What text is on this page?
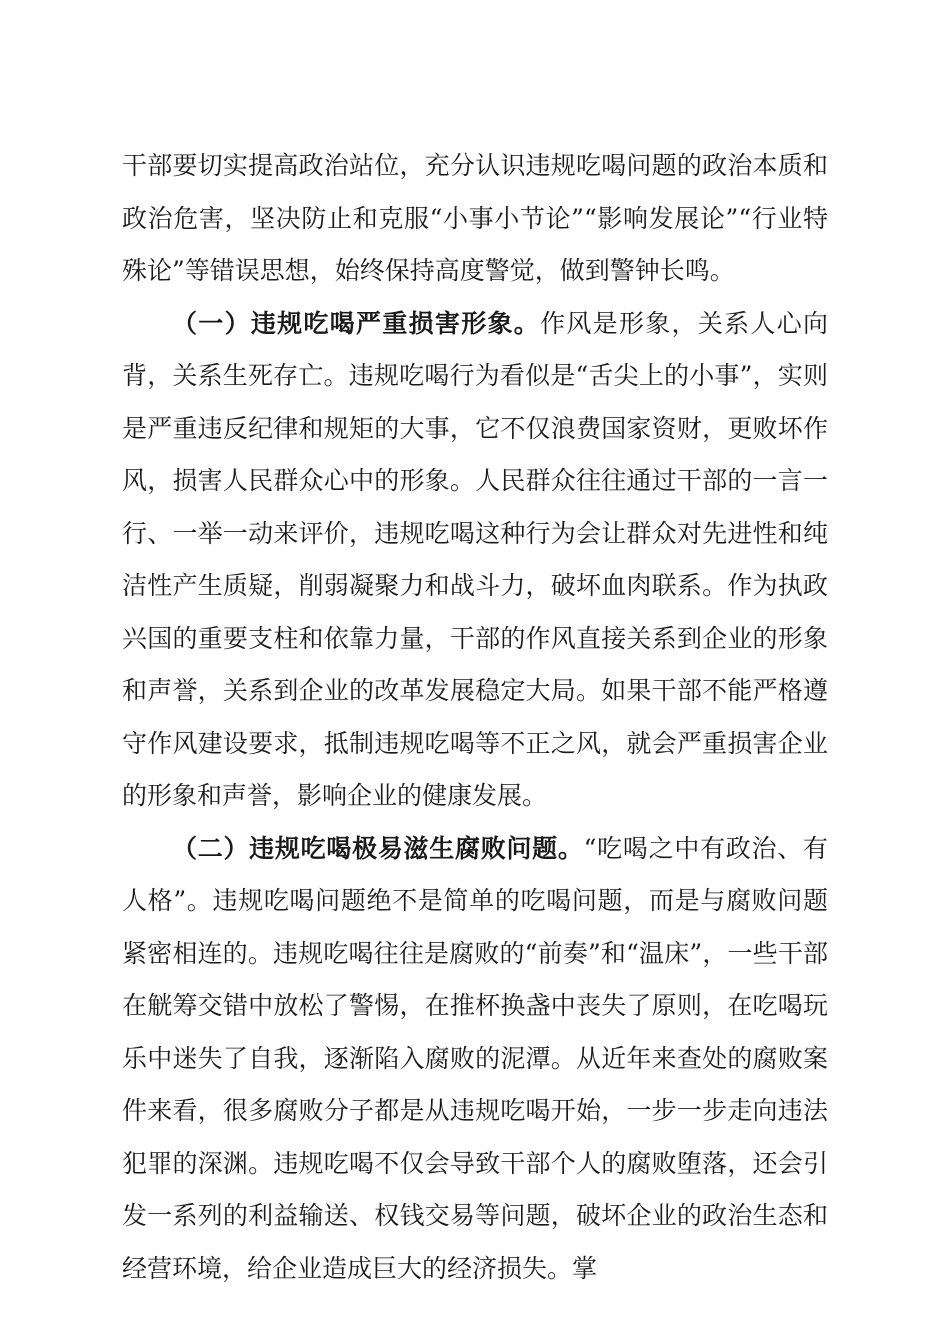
干部要切实提高政治站位，充分认识违规吃喝问题的政治本质和政治危害，坚决防止和克服“小事小节论”“影响发展论”“行业特殊论”等错误思想，始终保持高度警觉，做到警钟长鸣。

（一）违规吃喝严重损害形象。作风是形象，关系人心向背，关系生死存亡。违规吃喝行为看似是“舌尖上的小事”，实则是严重违反纪律和规矩的大事，它不仅浪费国家资财，更败坏作风，损害人民群众心中的形象。人民群众往往通过干部的一言一行、一举一动来评价，违规吃喝这种行为会让群众对先进性和纯洁性产生质疑，削弱凝聚力和战斗力，破坏血肉联系。作为执政兴国的重要支柱和依靠力量，干部的作风直接关系到企业的形象和声誉，关系到企业的改革发展稳定大局。如果干部不能严格遵守作风建设要求，抵制违规吃喝等不正之风，就会严重损害企业的形象和声誉，影响企业的健康发展。

（二）违规吃喝极易滋生腐败问题。“吃喝之中有政治、有人格”。违规吃喝问题绝不是简单的吃喝问题，而是与腐败问题紧密相连的。违规吃喝往往是腐败的“前奏”和“温床”，一些干部在觥筹交错中放松了警惕，在推杯换盏中丧失了原则，在吃喝玩乐中迷失了自我，逐渐陷入腐败的泥潭。从近年来查处的腐败案件来看，很多腐败分子都是从违规吃喝开始，一步一步走向违法犯罪的深渊。违规吃喝不仅会导致干部个人的腐败堕落，还会引发一系列的利益输送、权钱交易等问题，破坏企业的政治生态和经营环境，给企业造成巨大的经济损失。掌
